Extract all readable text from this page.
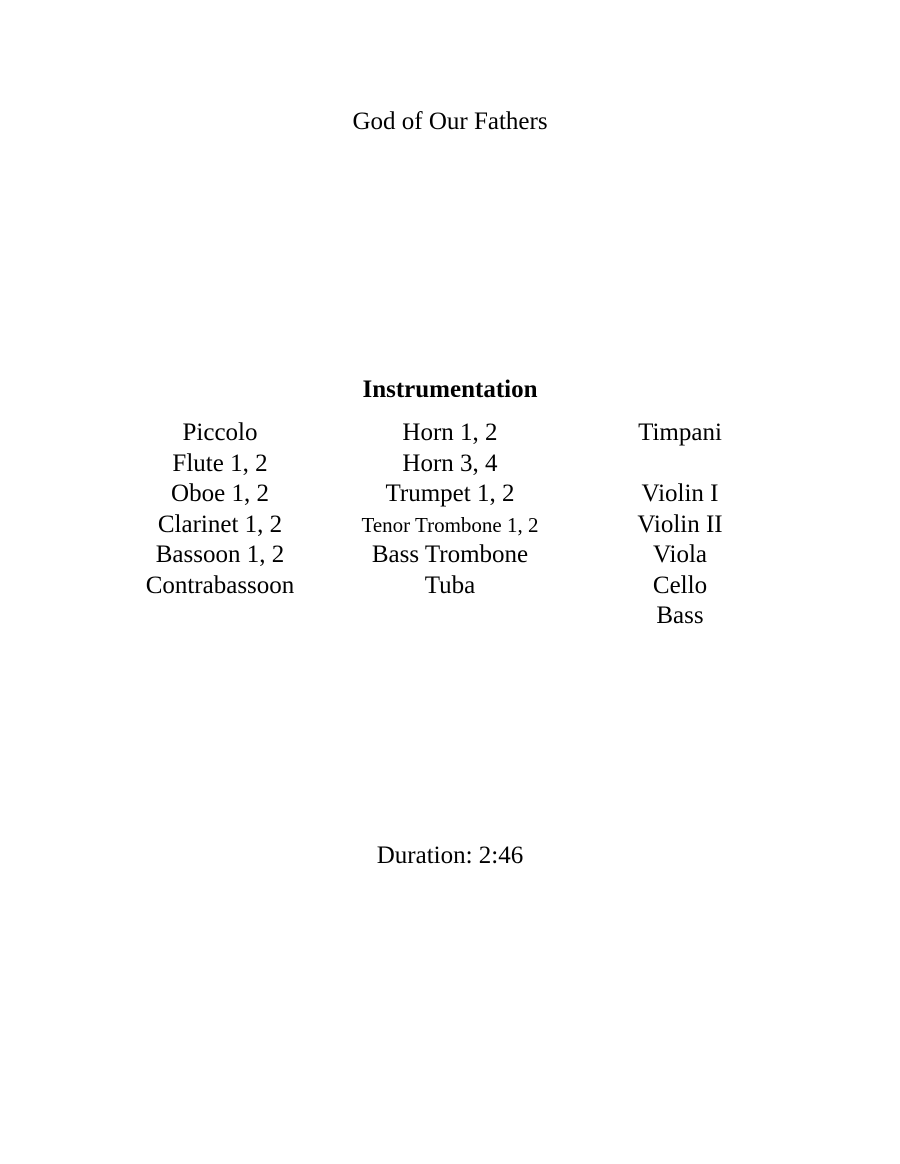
God of Our Fathers
Instrumentation
Piccolo
Flute 1, 2
Oboe 1, 2
Clarinet 1, 2
Bassoon 1, 2
Contrabassoon
Horn 1, 2
Horn 3, 4
Trumpet 1, 2
Tenor Trombone 1, 2
Bass Trombone
Tuba
Timpani
Violin I
Violin II
Viola
Cello
Bass
Duration: 2:46
